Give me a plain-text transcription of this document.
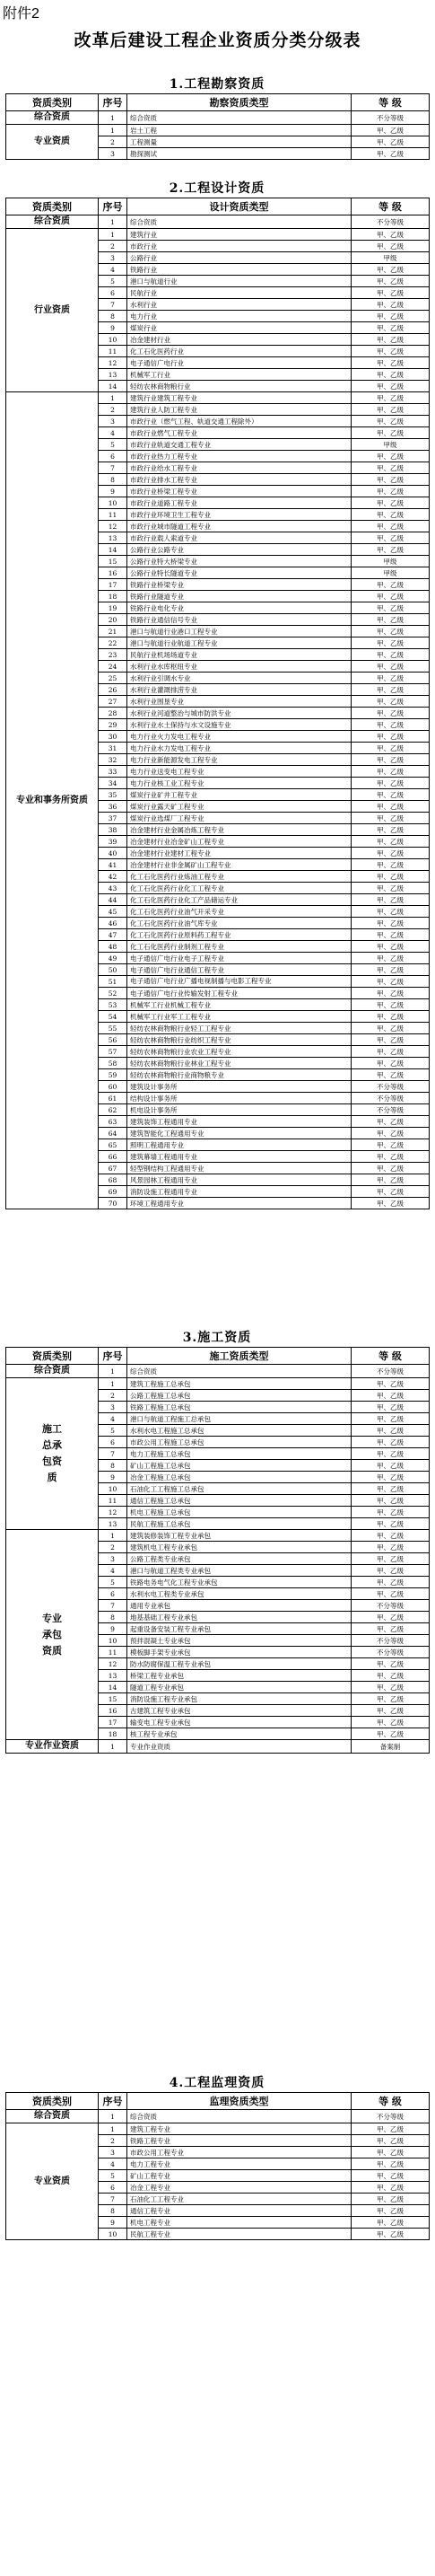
附件2
改革后建设工程企业资质分类分级表
1.工程勘察资质
资质类别	序号	勘察资质类型	等 级
综合资质	1	综合资质	不分等级
专业资质	1	岩土工程	甲、乙级
	2	工程测量	甲、乙级
	3	勘探测试	甲、乙级
2.工程设计资质
资质类别	序号	设计资质类型	等 级
综合资质	1	综合资质	不分等级
行业资质	1	建筑行业	甲、乙级
	2	市政行业	甲、乙级
	3	公路行业	甲级
	4	铁路行业	甲、乙级
	5	港口与航道行业	甲、乙级
	6	民航行业	甲、乙级
	7	水利行业	甲、乙级
	8	电力行业	甲、乙级
	9	煤炭行业	甲、乙级
	10	冶金建材行业	甲、乙级
	11	化工石化医药行业	甲、乙级
	12	电子通信广电行业	甲、乙级
	13	机械军工行业	甲、乙级
	14	轻纺农林商物粮行业	甲、乙级
专业和事务所资质	1	建筑行业建筑工程专业	甲、乙级
	2	建筑行业人防工程专业	甲、乙级
	3	市政行业（燃气工程、轨道交通工程除外）	甲、乙级
	4	市政行业燃气工程专业	甲、乙级
	5	市政行业轨道交通工程专业	甲级
	6	市政行业热力工程专业	甲、乙级
	7	市政行业给水工程专业	甲、乙级
	8	市政行业排水工程专业	甲、乙级
	9	市政行业桥梁工程专业	甲、乙级
	10	市政行业道路工程专业	甲、乙级
	11	市政行业环境卫生工程专业	甲、乙级
	12	市政行业城市隧道工程专业	甲、乙级
	13	市政行业载人索道专业	甲、乙级
	14	公路行业公路专业	甲、乙级
	15	公路行业特大桥梁专业	甲级
	16	公路行业特长隧道专业	甲级
	17	铁路行业桥梁专业	甲、乙级
	18	铁路行业隧道专业	甲、乙级
	19	铁路行业电化专业	甲、乙级
	20	铁路行业通信信号专业	甲、乙级
	21	港口与航道行业港口工程专业	甲、乙级
	22	港口与航道行业航道工程专业	甲、乙级
	23	民航行业机场场道专业	甲、乙级
	24	水利行业水库枢纽专业	甲、乙级
	25	水利行业引调水专业	甲、乙级
	26	水利行业灌溉排涝专业	甲、乙级
	27	水利行业围垦专业	甲、乙级
	28	水利行业河道整治与城市防洪专业	甲、乙级
	29	水利行业水土保持与水文设施专业	甲、乙级
	30	电力行业火力发电工程专业	甲、乙级
	31	电力行业水力发电工程专业	甲、乙级
	32	电力行业新能源发电工程专业	甲、乙级
	33	电力行业送变电工程专业	甲、乙级
	34	电力行业核工业工程专业	甲、乙级
	35	煤炭行业矿井工程专业	甲、乙级
	36	煤炭行业露天矿工程专业	甲、乙级
	37	煤炭行业选煤厂工程专业	甲、乙级
	38	冶金建材行业金属冶炼工程专业	甲、乙级
	39	冶金建材行业冶金矿山工程专业	甲、乙级
	40	冶金建材行业建材工程专业	甲、乙级
	41	冶金建材行业非金属矿山工程专业	甲、乙级
	42	化工石化医药行业炼油工程专业	甲、乙级
	43	化工石化医药行业化工工程专业	甲、乙级
	44	化工石化医药行业化工产品储运专业	甲、乙级
	45	化工石化医药行业油气开采专业	甲、乙级
	46	化工石化医药行业油气库专业	甲、乙级
	47	化工石化医药行业原料药工程专业	甲、乙级
	48	化工石化医药行业制剂工程专业	甲、乙级
	49	电子通信广电行业电子工程专业	甲、乙级
	50	电子通信广电行业通信工程专业	甲、乙级
	51	电子通信广电行业广播电视制播与电影工程专业	甲、乙级
	52	电子通信广电行业传输发射工程专业	甲、乙级
	53	机械军工行业机械工程专业	甲、乙级
	54	机械军工行业军工工程专业	甲、乙级
	55	轻纺农林商物粮行业轻工工程专业	甲、乙级
	56	轻纺农林商物粮行业纺织工程专业	甲、乙级
	57	轻纺农林商物粮行业农业工程专业	甲、乙级
	58	轻纺农林商物粮行业林业工程专业	甲、乙级
	59	轻纺农林商物粮行业商物粮专业	甲、乙级
	60	建筑设计事务所	不分等级
	61	结构设计事务所	不分等级
	62	机电设计事务所	不分等级
	63	建筑装饰工程通用专业	甲、乙级
	64	建筑智能化工程通用专业	甲、乙级
	65	照明工程通用专业	甲、乙级
	66	建筑幕墙工程通用专业	甲、乙级
	67	轻型钢结构工程通用专业	甲、乙级
	68	风景园林工程通用专业	甲、乙级
	69	消防设施工程通用专业	甲、乙级
	70	环境工程通用专业	甲、乙级
3.施工资质
资质类别	序号	施工资质类型	等 级
综合资质	1	综合资质	不分等级
施工总承包资质	1	建筑工程施工总承包	甲、乙级
	2	公路工程施工总承包	甲、乙级
	3	铁路工程施工总承包	甲、乙级
	4	港口与航道工程施工总承包	甲、乙级
	5	水利水电工程施工总承包	甲、乙级
	6	市政公用工程施工总承包	甲、乙级
	7	电力工程施工总承包	甲、乙级
	8	矿山工程施工总承包	甲、乙级
	9	冶金工程施工总承包	甲、乙级
	10	石油化工工程施工总承包	甲、乙级
	11	通信工程施工总承包	甲、乙级
	12	机电工程施工总承包	甲、乙级
	13	民航工程施工总承包	甲、乙级
专业承包资质	1	建筑装修装饰工程专业承包	甲、乙级
	2	建筑机电工程专业承包	甲、乙级
	3	公路工程类专业承包	甲、乙级
	4	港口与航道工程类专业承包	甲、乙级
	5	铁路电务电气化工程专业承包	甲、乙级
	6	水利水电工程类专业承包	甲、乙级
	7	通用专业承包	不分等级
	8	地基基础工程专业承包	甲、乙级
	9	起重设备安装工程专业承包	甲、乙级
	10	预拌混凝土专业承包	不分等级
	11	模板脚手架专业承包	不分等级
	12	防水防腐保温工程专业承包	甲、乙级
	13	桥梁工程专业承包	甲、乙级
	14	隧道工程专业承包	甲、乙级
	15	消防设施工程专业承包	甲、乙级
	16	古建筑工程专业承包	甲、乙级
	17	输变电工程专业承包	甲、乙级
	18	核工程专业承包	甲、乙级
专业作业资质	1	专业作业资质	备案制
4.工程监理资质
资质类别	序号	监理资质类型	等 级
综合资质	1	综合资质	不分等级
专业资质	1	建筑工程专业	甲、乙级
	2	铁路工程专业	甲、乙级
	3	市政公用工程专业	甲、乙级
	4	电力工程专业	甲、乙级
	5	矿山工程专业	甲、乙级
	6	冶金工程专业	甲、乙级
	7	石油化工工程专业	甲、乙级
	8	通信工程专业	甲、乙级
	9	机电工程专业	甲、乙级
	10	民航工程专业	甲、乙级
